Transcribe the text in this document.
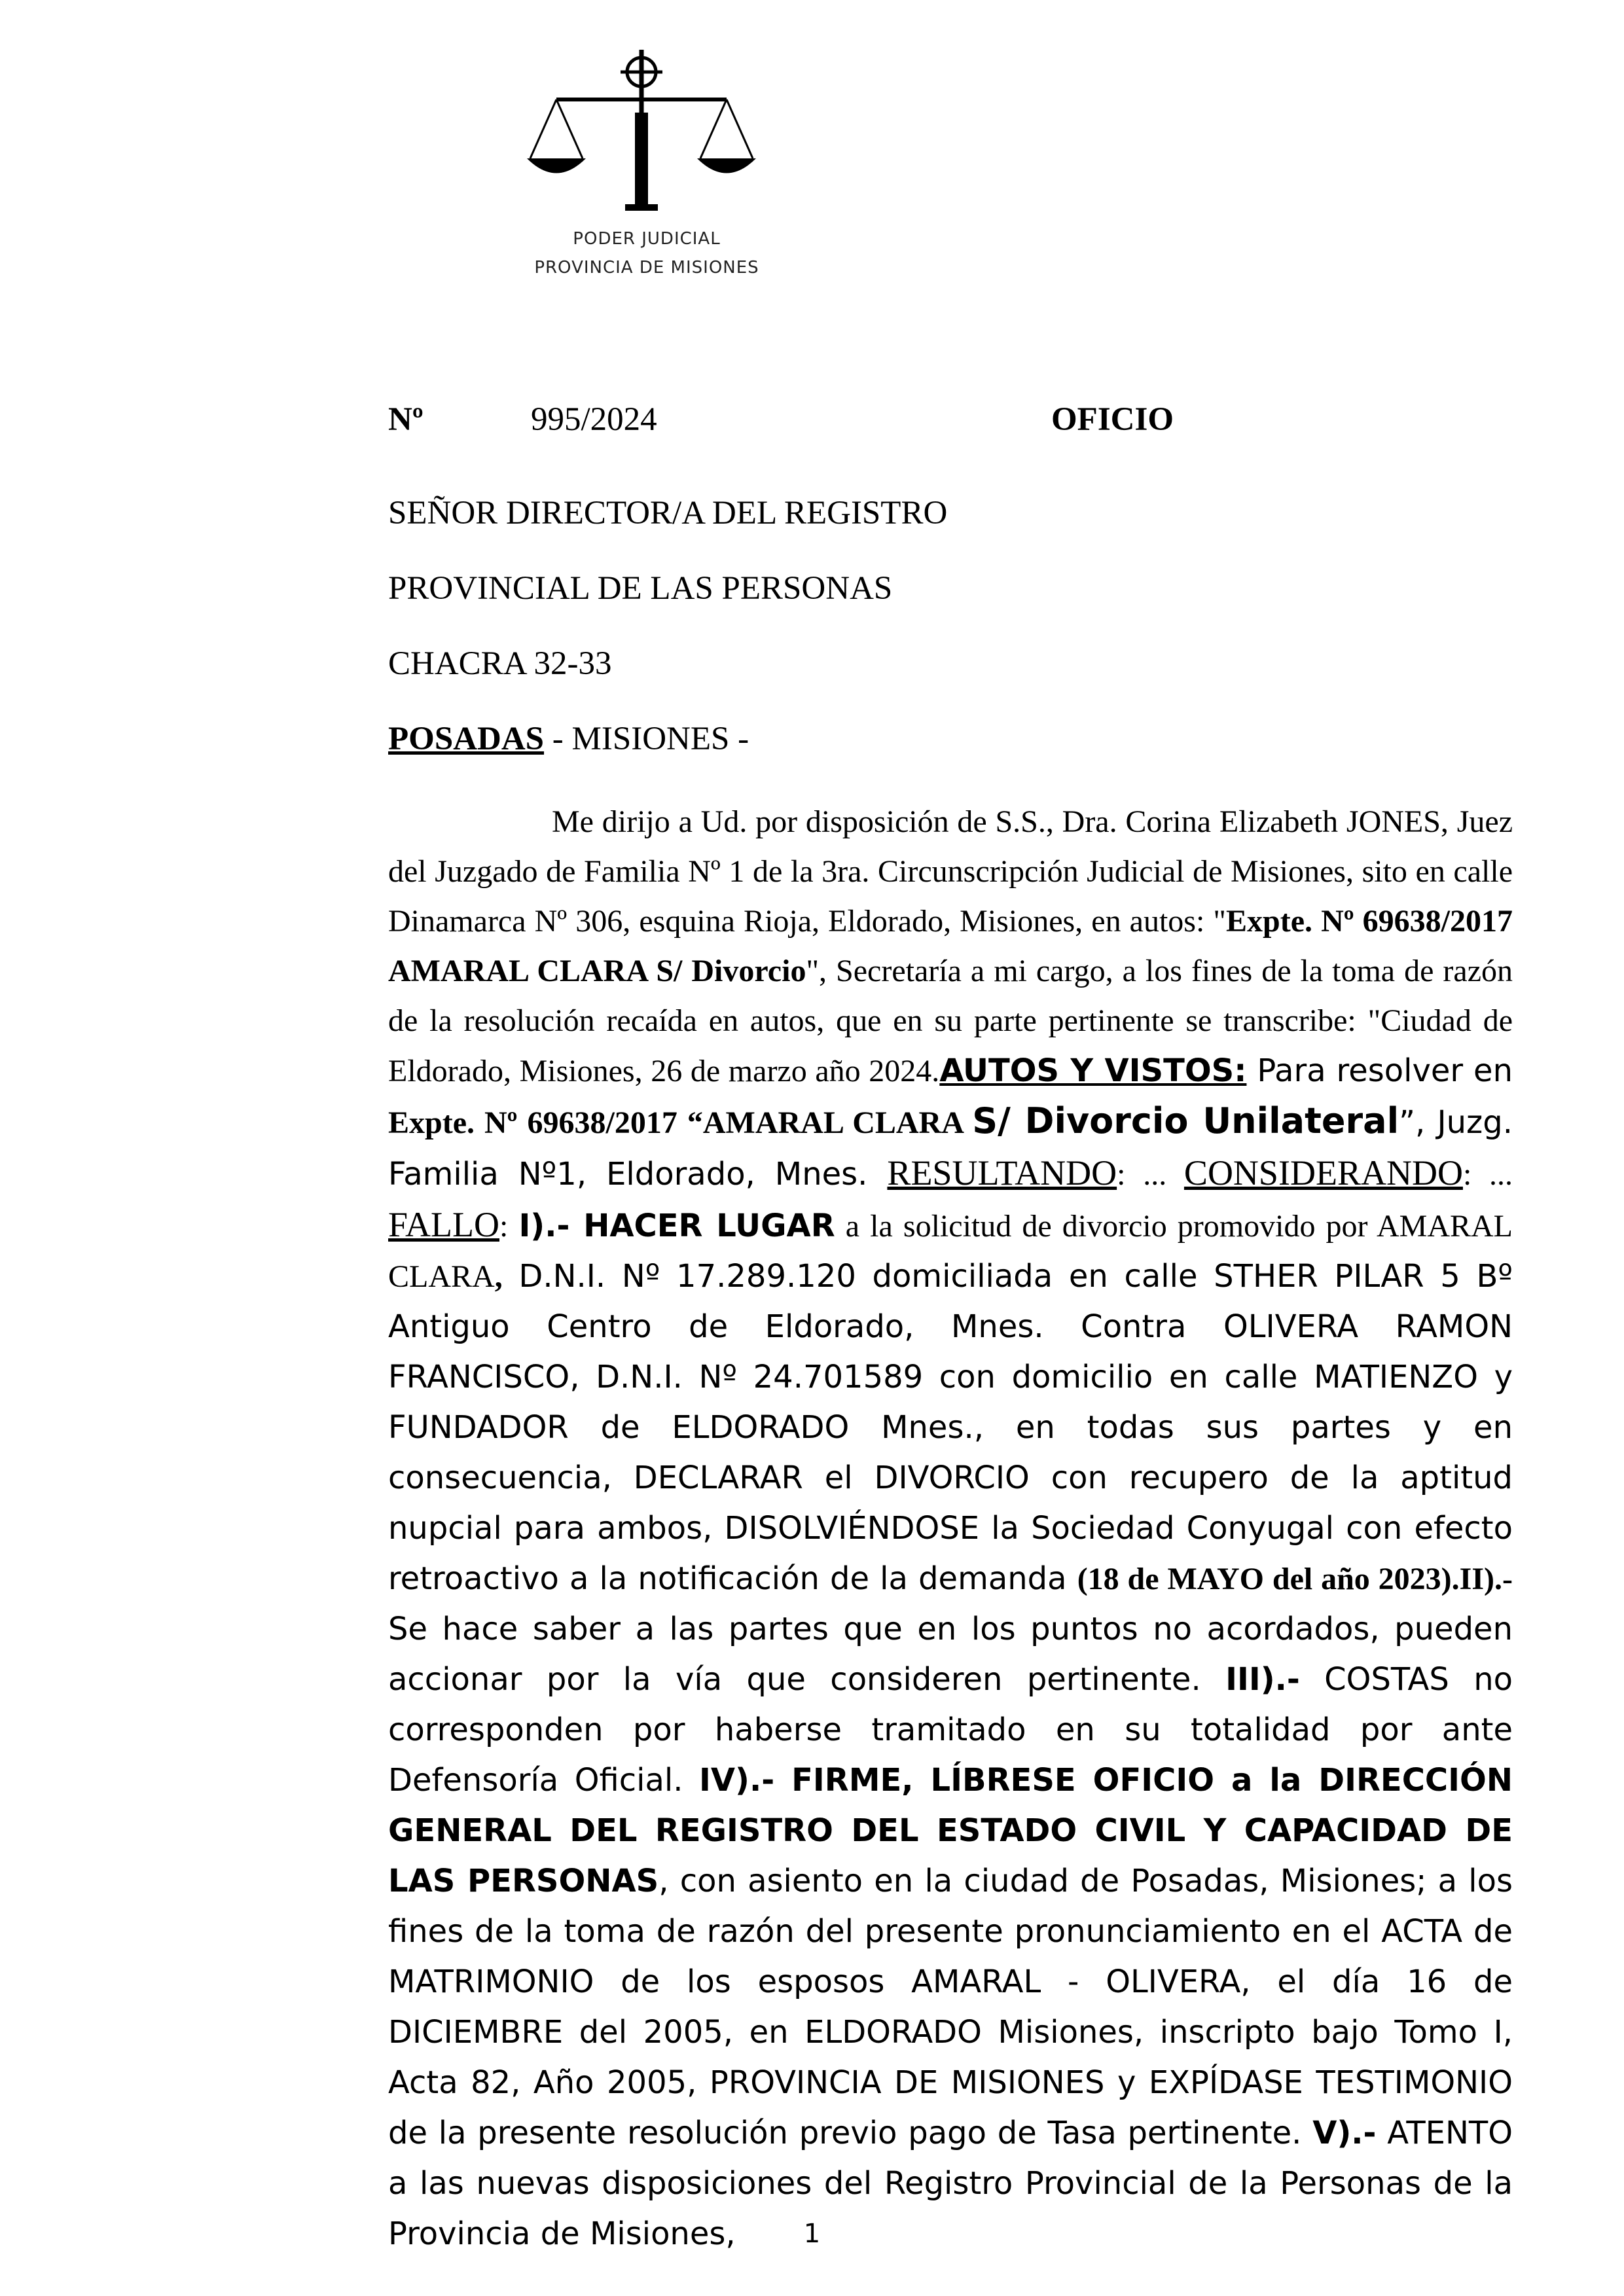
PODER JUDICIAL
PROVINCIA DE MISIONES
Nº	995/2024	OFICIO
SEÑOR DIRECTOR/A DEL REGISTRO
PROVINCIAL DE LAS PERSONAS
CHACRA 32-33
POSADAS - MISIONES -

Me dirijo a Ud. por disposición de S.S., Dra. Corina Elizabeth JONES, Juez del Juzgado de Familia Nº 1 de la 3ra. Circunscripción Judicial de Misiones, sito en calle Dinamarca Nº 306, esquina Rioja, Eldorado, Misiones, en autos: "Expte. Nº 69638/2017 AMARAL CLARA S/ Divorcio", Secretaría a mi cargo, a los fines de la toma de razón de la resolución recaída en autos, que en su parte pertinente se transcribe: "Ciudad de Eldorado, Misiones, 26 de marzo año 2024.AUTOS Y VISTOS: Para resolver en Expte. Nº 69638/2017 “AMARAL CLARA S/ Divorcio Unilateral”, Juzg. Familia Nº1, Eldorado, Mnes. RESULTANDO: ... CONSIDERANDO: ... FALLO: I).- HACER LUGAR a la solicitud de divorcio promovido por AMARAL CLARA, D.N.I. Nº 17.289.120 domiciliada en calle STHER PILAR 5 Bº Antiguo Centro de Eldorado, Mnes. Contra OLIVERA RAMON FRANCISCO, D.N.I. Nº 24.701589 con domicilio en calle MATIENZO y FUNDADOR de ELDORADO Mnes., en todas sus partes y en consecuencia, DECLARAR el DIVORCIO con recupero de la aptitud nupcial para ambos, DISOLVIÉNDOSE la Sociedad Conyugal con efecto retroactivo a la notificación de la demanda (18 de MAYO del año 2023).II).- Se hace saber a las partes que en los puntos no acordados, pueden accionar por la vía que consideren pertinente. III).- COSTAS no corresponden por haberse tramitado en su totalidad por ante Defensoría Oficial. IV).- FIRME, LÍBRESE OFICIO a la DIRECCIÓN GENERAL DEL REGISTRO DEL ESTADO CIVIL Y CAPACIDAD DE LAS PERSONAS, con asiento en la ciudad de Posadas, Misiones; a los fines de la toma de razón del presente pronunciamiento en el ACTA de MATRIMONIO de los esposos AMARAL - OLIVERA, el día 16 de DICIEMBRE del 2005, en ELDORADO Misiones, inscripto bajo Tomo I, Acta 82, Año 2005, PROVINCIA DE MISIONES y EXPÍDASE TESTIMONIO de la presente resolución previo pago de Tasa pertinente. V).- ATENTO a las nuevas disposiciones del Registro Provincial de la Personas de la Provincia de Misiones,	1
